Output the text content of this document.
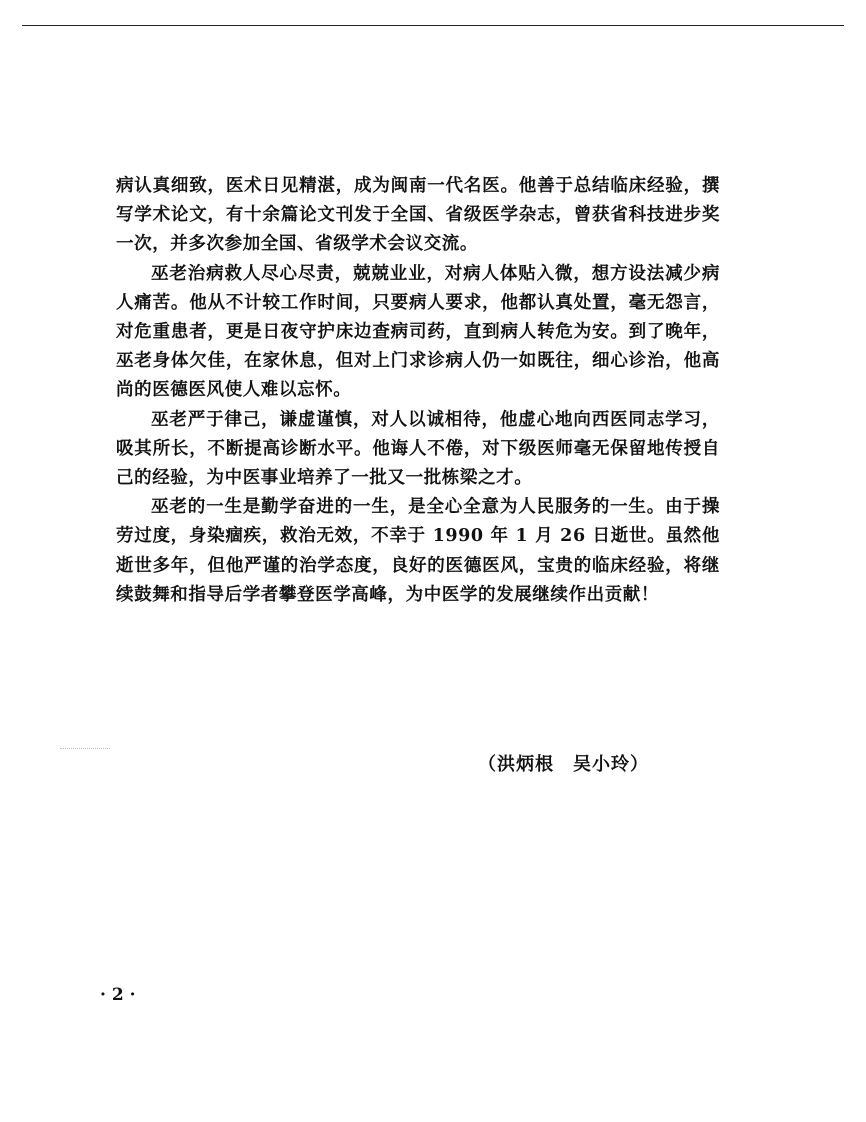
病认真细致，医术日见精湛，成为闽南一代名医。他善于总结临床经验，撰写学术论文，有十余篇论文刊发于全国、省级医学杂志，曾获省科技进步奖一次，并多次参加全国、省级学术会议交流。

巫老治病救人尽心尽责，兢兢业业，对病人体贴入微，想方设法减少病人痛苦。他从不计较工作时间，只要病人要求，他都认真处置，毫无怨言，对危重患者，更是日夜守护床边查病司药，直到病人转危为安。到了晚年，巫老身体欠佳，在家休息，但对上门求诊病人仍一如既往，细心诊治，他高尚的医德医风使人难以忘怀。

巫老严于律己，谦虚谨慎，对人以诚相待，他虚心地向西医同志学习，吸其所长，不断提高诊断水平。他诲人不倦，对下级医师毫无保留地传授自己的经验，为中医事业培养了一批又一批栋梁之才。

巫老的一生是勤学奋进的一生，是全心全意为人民服务的一生。由于操劳过度，身染痼疾，救治无效，不幸于 1990 年 1 月 26 日逝世。虽然他逝世多年，但他严谨的治学态度，良好的医德医风，宝贵的临床经验，将继续鼓舞和指导后学者攀登医学高峰，为中医学的发展继续作出贡献！

（洪炳根　吴小玲）
· 2 ·
